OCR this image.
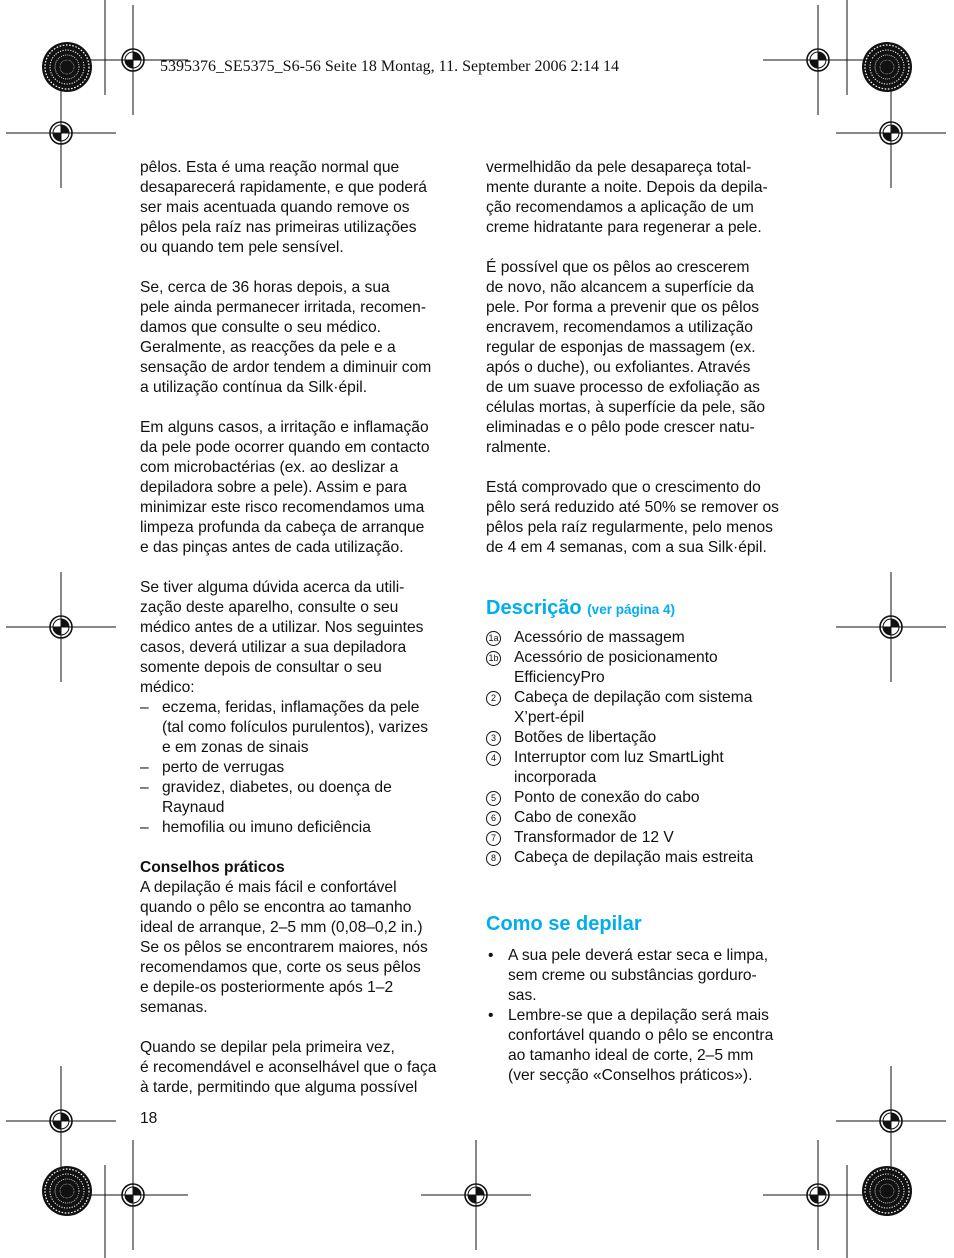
5395376_SE5375_S6-56 Seite 18 Montag, 11. September 2006 2:14 14

pêlos. Esta é uma reação normal que
desaparecerá rapidamente, e que poderá
ser mais acentuada quando remove os
pêlos pela raíz nas primeiras utilizações
ou quando tem pele sensível.

Se, cerca de 36 horas depois, a sua
pele ainda permanecer irritada, recomen-
damos que consulte o seu médico.
Geralmente, as reacções da pele e a
sensação de ardor tendem a diminuir com
a utilização contínua da Silk·épil.

Em alguns casos, a irritação e inflamação
da pele pode ocorrer quando em contacto
com microbactérias (ex. ao deslizar a
depiladora sobre a pele). Assim e para
minimizar este risco recomendamos uma
limpeza profunda da cabeça de arranque
e das pinças antes de cada utilização.

Se tiver alguma dúvida acerca da utili-
zação deste aparelho, consulte o seu
médico antes de a utilizar. Nos seguintes
casos, deverá utilizar a sua depiladora
somente depois de consultar o seu
médico:

– eczema, feridas, inflamações da pele
(tal como folículos purulentos), varizes
e em zonas de sinais
– perto de verrugas
– gravidez, diabetes, ou doença de
Raynaud
– hemofilia ou imuno deficiência
Conselhos práticos
A depilação é mais fácil e confortável
quando o pêlo se encontra ao tamanho
ideal de arranque, 2–5 mm (0,08–0,2 in.)
Se os pêlos se encontrarem maiores, nós
recomendamos que, corte os seus pêlos
e depile-os posteriormente após 1–2
semanas.

Quando se depilar pela primeira vez,
é recomendável e aconselhável que o faça
à tarde, permitindo que alguma possível

vermelhidão da pele desapareça total-
mente durante a noite. Depois da depila-
ção recomendamos a aplicação de um
creme hidratante para regenerar a pele.

É possível que os pêlos ao crescerem
de novo, não alcancem a superfície da
pele. Por forma a prevenir que os pêlos
encravem, recomendamos a utilização
regular de esponjas de massagem (ex.
após o duche), ou exfoliantes. Através
de um suave processo de exfoliação as
células mortas, à superfície da pele, são
eliminadas e o pêlo pode crescer natu-
ralmente.

Está comprovado que o crescimento do
pêlo será reduzido até 50% se remover os
pêlos pela raíz regularmente, pelo menos
de 4 em 4 semanas, com a sua Silk·épil.

Descrição (ver página 4)
1a Acessório de massagem
1b Acessório de posicionamento
EfficiencyPro
2	Cabeça de depilação com sistema
X’pert-épil
3	Botões de libertação
4	Interruptor com luz SmartLight
incorporada
5	Ponto de conexão do cabo
6	Cabo de conexão
7	Transformador de 12 V
8	Cabeça de depilação mais estreita
Como se depilar
• A sua pele deverá estar seca e limpa,
sem creme ou substâncias gorduro-
sas.
• Lembre-se que a depilação será mais
confortável quando o pêlo se encontra
ao tamanho ideal de corte, 2–5 mm
(ver secção «Conselhos práticos»).
18
